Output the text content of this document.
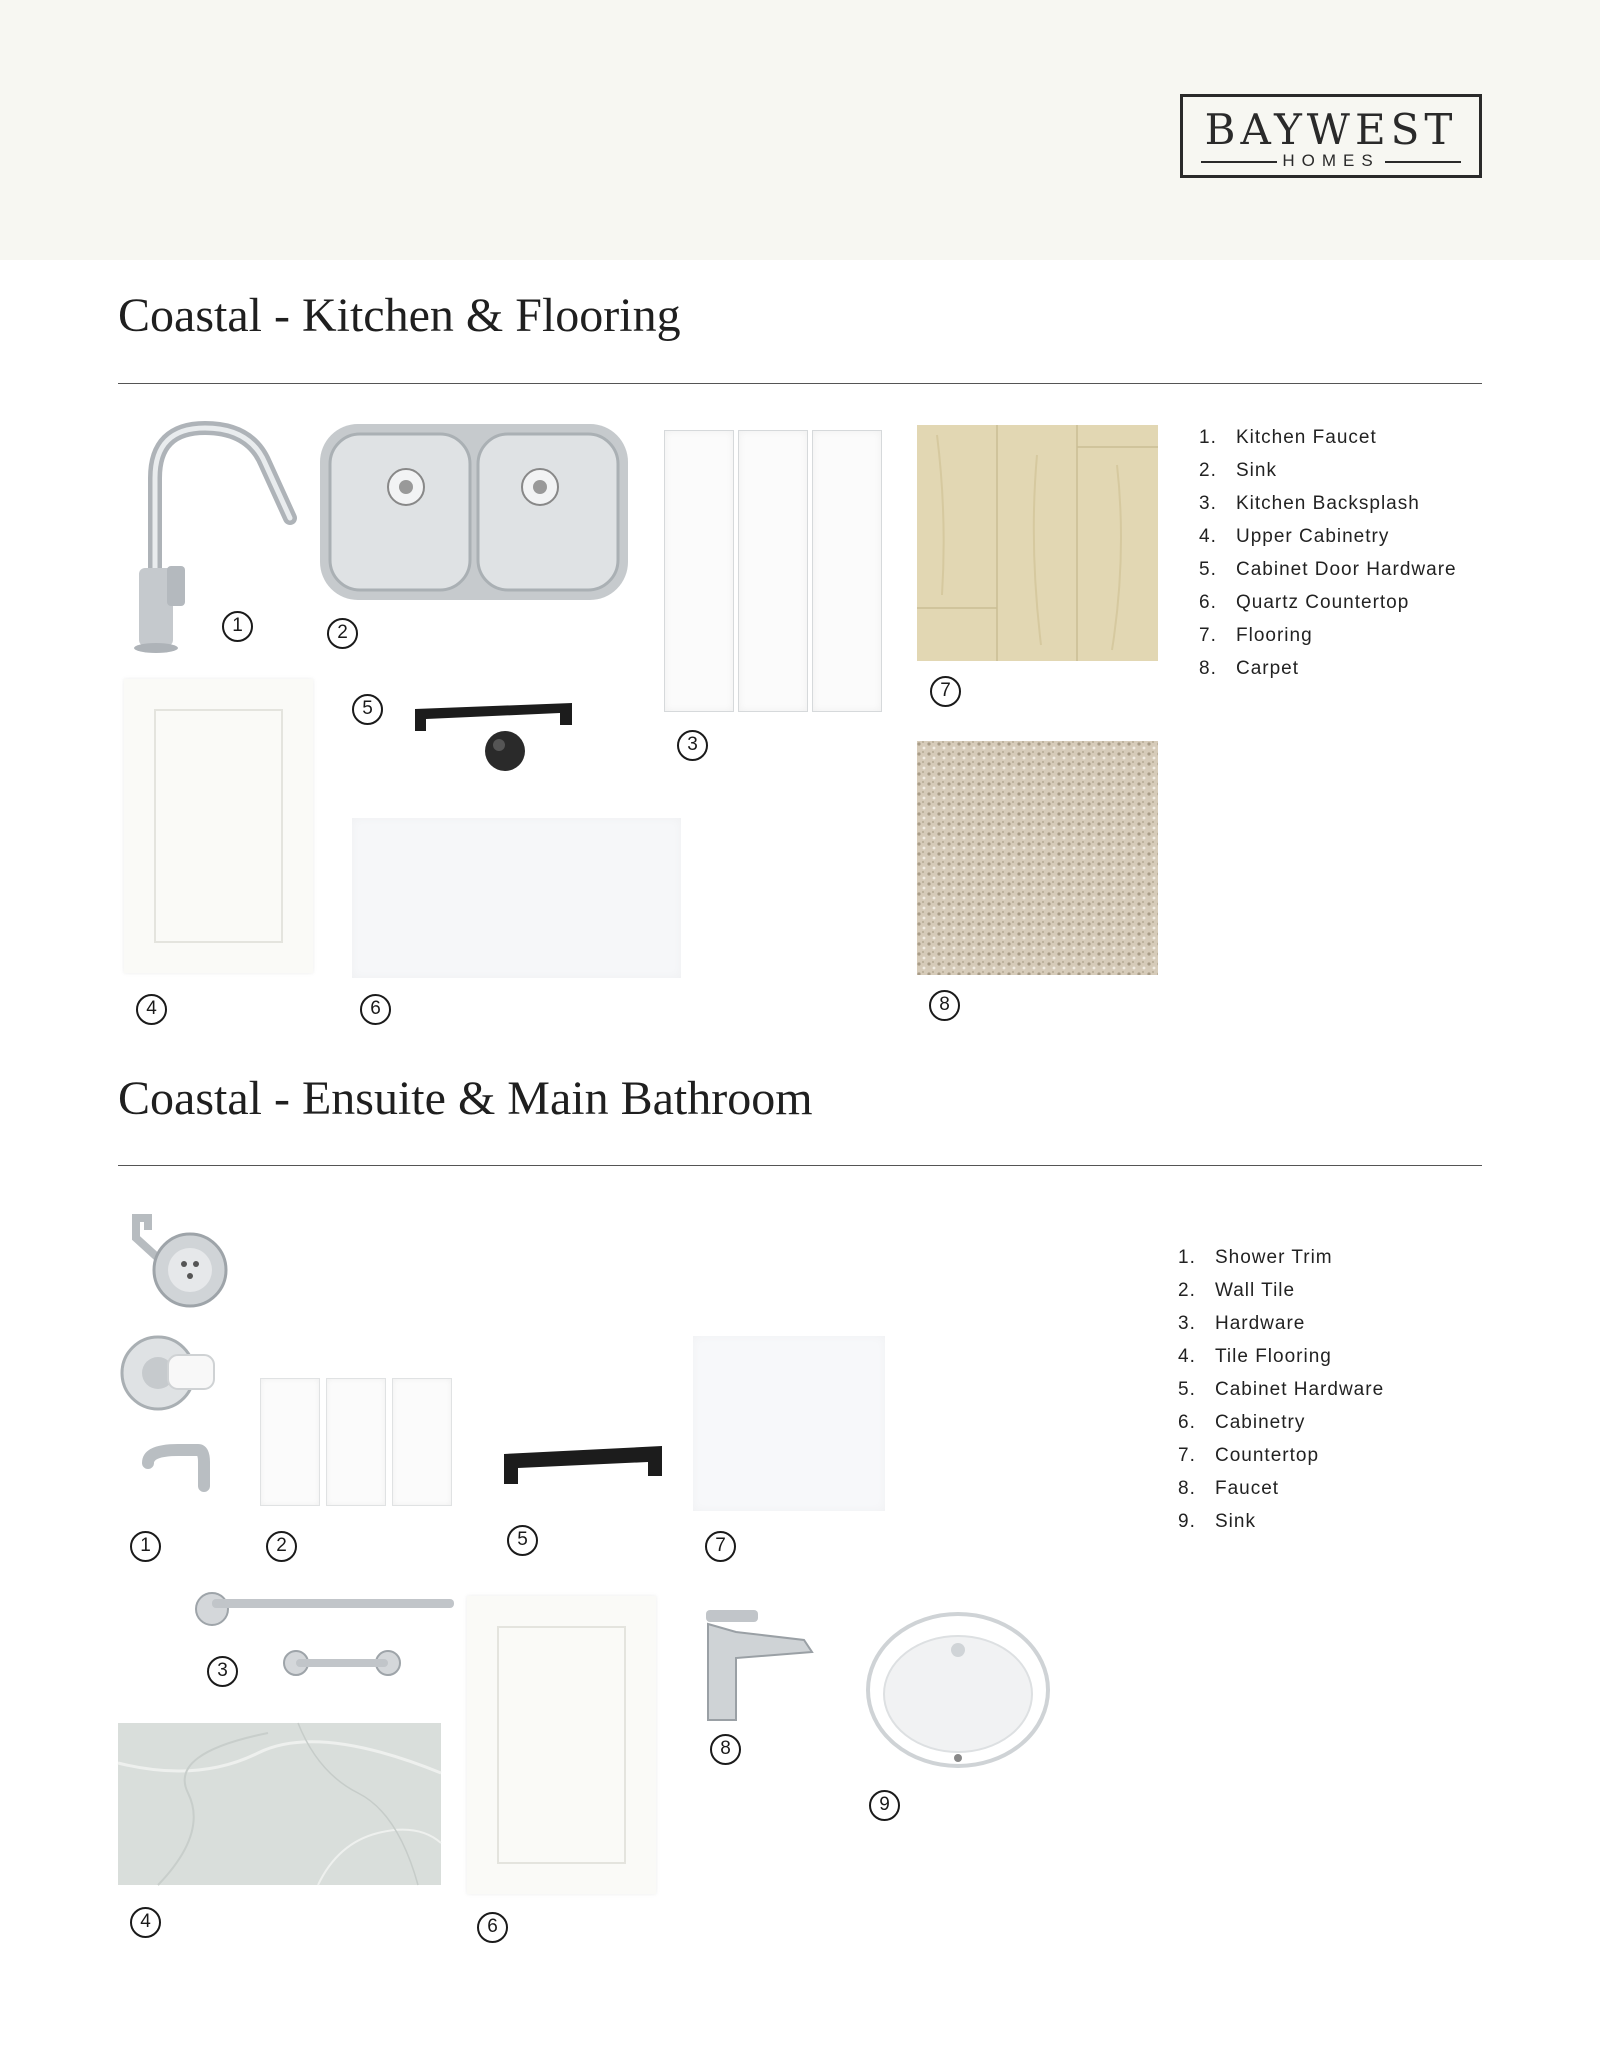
BAYWEST
HOMES
Coastal - Kitchen & Flooring
1	2
3
7
4
5
6	8
1. Kitchen Faucet
2. Sink
3. Kitchen Backsplash
4. Upper Cabinetry
5. Cabinet Door Hardware
6. Quartz Countertop
7. Flooring
8. Carpet
Coastal - Ensuite & Main Bathroom
1	2	5	7
3
6
8
9
4
1. Shower Trim
2. Wall Tile
3. Hardware
4. Tile Flooring
5. Cabinet Hardware
6. Cabinetry
7. Countertop
8. Faucet
9. Sink
